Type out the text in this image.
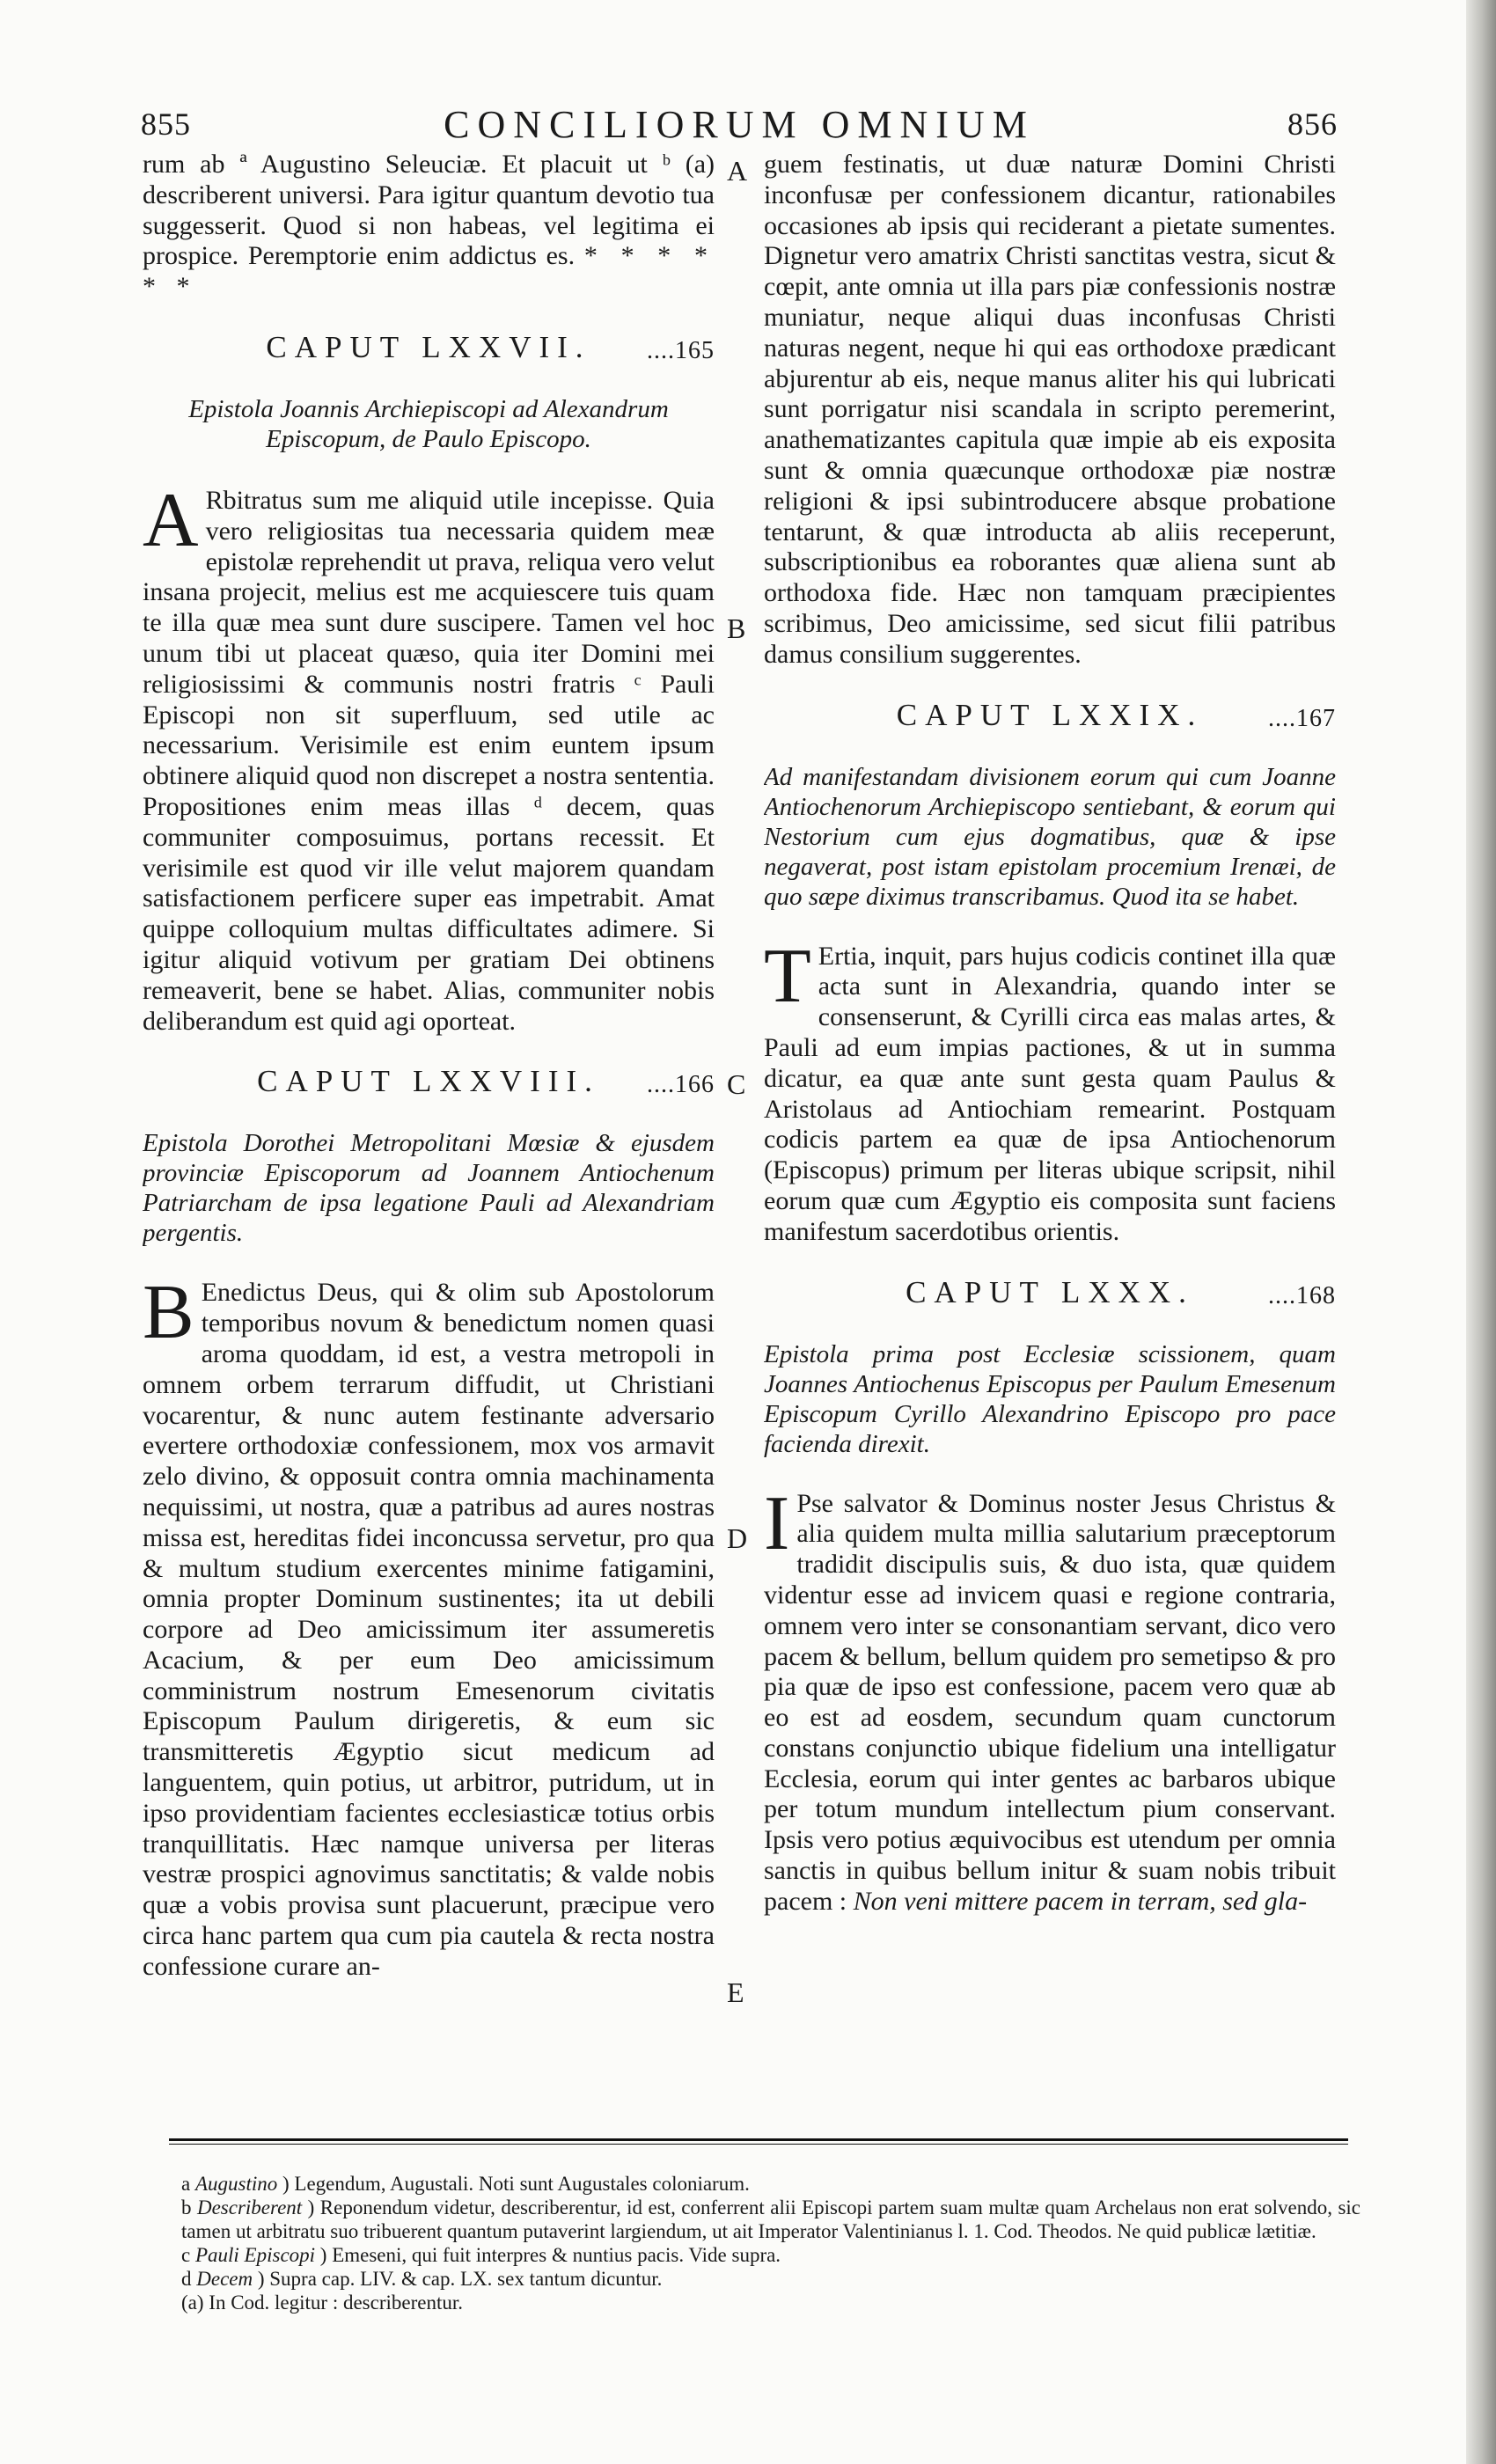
855	CONCILIORUM OMNIUM	856
A
B
C
D
E

rum ab ª Augustino Seleuciæ. Et placuit ut ᵇ (a) describerent universi. Para igitur quantum devotio tua suggesserit. Quod si non habeas, vel legitima ei prospice. Peremptorie enim addictus es. * * * * * *

CAPUT LXXVII. ....165
Epistola Joannis Archiepiscopi ad Alexandrum Episcopum, de Paulo Episcopo.

A Rbitratus sum me aliquid utile incepisse. Quia vero religiositas tua necessaria quidem meæ epistolæ reprehendit ut prava, reliqua vero velut insana projecit, melius est me acquiescere tuis quam te illa quæ mea sunt dure suscipere. Tamen vel hoc unum tibi ut placeat quæso, quia iter Domini mei religiosissimi & communis nostri fratris ᶜ Pauli Episcopi non sit superfluum, sed utile ac necessarium. Verisimile est enim euntem ipsum obtinere aliquid quod non discrepet a nostra sententia. Propositiones enim meas illas ᵈ decem, quas communiter composuimus, portans recessit. Et verisimile est quod vir ille velut majorem quandam satisfactionem perficere super eas impetrabit. Amat quippe colloquium multas difficultates adimere. Si igitur aliquid votivum per gratiam Dei obtinens remeaverit, bene se habet. Alias, communiter nobis deliberandum est quid agi oporteat.

CAPUT LXXVIII. ....166
Epistola Dorothei Metropolitani Mœsiæ & ejusdem provinciæ Episcoporum ad Joannem Antiochenum Patriarcham de ipsa legatione Pauli ad Alexandriam pergentis.

B Enedictus Deus, qui & olim sub Apostolorum temporibus novum & benedictum nomen quasi aroma quoddam, id est, a vestra metropoli in omnem orbem terrarum diffudit, ut Christiani vocarentur, & nunc autem festinante adversario evertere orthodoxiæ confessionem, mox vos armavit zelo divino, & opposuit contra omnia machinamenta nequissimi, ut nostra, quæ a patribus ad aures nostras missa est, hereditas fidei inconcussa servetur, pro qua & multum studium exercentes minime fatigamini, omnia propter Dominum sustinentes; ita ut debili corpore ad Deo amicissimum iter assumeretis Acacium, & per eum Deo amicissimum comministrum nostrum Emesenorum civitatis Episcopum Paulum dirigeretis, & eum sic transmitteretis Ægyptio sicut medicum ad languentem, quin potius, ut arbitror, putridum, ut in ipso providentiam facientes ecclesiasticæ totius orbis tranquillitatis. Hæc namque universa per literas vestræ prospici agnovimus sanctitatis; & valde nobis quæ a vobis provisa sunt placuerunt, præcipue vero circa hanc partem qua cum pia cautela & recta nostra confessione curare an-

guem festinatis, ut duæ naturæ Domini Christi inconfusæ per confessionem dicantur, rationabiles occasiones ab ipsis qui reciderant a pietate sumentes. Dignetur vero amatrix Christi sanctitas vestra, sicut & cœpit, ante omnia ut illa pars piæ confessionis nostræ muniatur, neque aliqui duas inconfusas Christi naturas negent, neque hi qui eas orthodoxe prædicant abjurentur ab eis, neque manus aliter his qui lubricati sunt porrigatur nisi scandala in scripto peremerint, anathematizantes capitula quæ impie ab eis exposita sunt & omnia quæcunque orthodoxæ piæ nostræ religioni & ipsi subintroducere absque probatione tentarunt, & quæ introducta ab aliis receperunt, subscriptionibus ea roborantes quæ aliena sunt ab orthodoxa fide. Hæc non tamquam præcipientes scribimus, Deo amicissime, sed sicut filii patribus damus consilium suggerentes.

CAPUT LXXIX.	....167
Ad manifestandam divisionem eorum qui cum Joanne Antiochenorum Archiepiscopo sentiebant, & eorum qui Nestorium cum ejus dogmatibus, quæ & ipse negaverat, post istam epistolam procemium Irenæi, de quo sæpe diximus transcribamus. Quod ita se habet.

T Ertia, inquit, pars hujus codicis continet illa quæ acta sunt in Alexandria, quando inter se consenserunt, & Cyrilli circa eas malas artes, & Pauli ad eum impias pactiones, & ut in summa dicatur, ea quæ ante sunt gesta quam Paulus & Aristolaus ad Antiochiam remearint. Postquam codicis partem ea quæ de ipsa Antiochenorum (Episcopus) primum per literas ubique scripsit, nihil eorum quæ cum Ægyptio eis composita sunt faciens manifestum sacerdotibus orientis.

CAPUT LXXX.	....168
Epistola prima post Ecclesiæ scissionem, quam Joannes Antiochenus Episcopus per Paulum Emesenum Episcopum Cyrillo Alexandrino Episcopo pro pace facienda direxit.

I Pse salvator & Dominus noster Jesus Christus & alia quidem multa millia salutarium præceptorum tradidit discipulis suis, & duo ista, quæ quidem videntur esse ad invicem quasi e regione contraria, omnem vero inter se consonantiam servant, dico vero pacem & bellum, bellum quidem pro semetipso & pro pia quæ de ipso est confessione, pacem vero quæ ab eo est ad eosdem, secundum quam cunctorum constans conjunctio ubique fidelium una intelligatur Ecclesia, eorum qui inter gentes ac barbaros ubique per totum mundum intellectum pium conservant. Ipsis vero potius æquivocibus est utendum per omnia sanctis in quibus bellum initur & suam nobis tribuit pacem : Non veni mittere pacem in terram, sed gla-

a Augustino ) Legendum, Augustali. Noti sunt Augustales coloniarum.

b Describerent ) Reponendum videtur, describerentur, id est, conferrent alii Episcopi partem suam multæ quam Archelaus non erat solvendo, sic tamen ut arbitratu suo tribuerent quantum putaverint largiendum, ut ait Imperator Valentinianus l. 1. Cod. Theodos. Ne quid publicæ lætitiæ.

c Pauli Episcopi ) Emeseni, qui fuit interpres & nuntius pacis. Vide supra.

d Decem ) Supra cap. LIV. & cap. LX. sex tantum dicuntur.

(a) In Cod. legitur : describerentur.
